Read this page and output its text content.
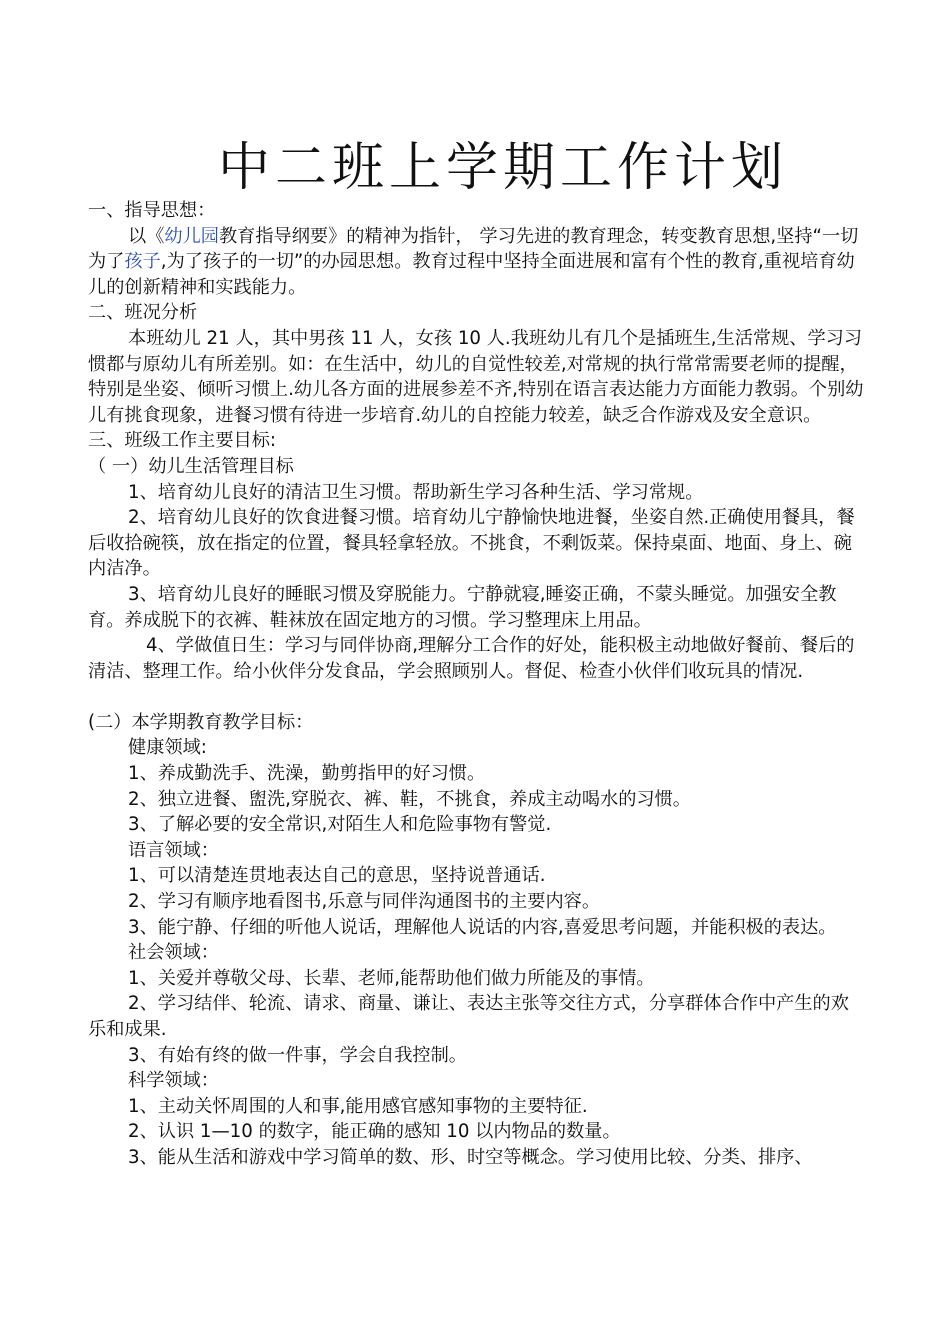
中二班上学期工作计划

一、指导思想：

以《幼儿园教育指导纲要》的精神为指针， 学习先进的教育理念，转变教育思想,坚持“一切为了孩子,为了孩子的一切”的办园思想。教育过程中坚持全面进展和富有个性的教育,重视培育幼儿的创新精神和实践能力。

二、班况分析

本班幼儿 21 人，其中男孩 11 人，女孩 10 人.我班幼儿有几个是插班生,生活常规、学习习惯都与原幼儿有所差别。如：在生活中，幼儿的自觉性较差,对常规的执行常常需要老师的提醒，特别是坐姿、倾听习惯上.幼儿各方面的进展参差不齐,特别在语言表达能力方面能力教弱。个别幼儿有挑食现象，进餐习惯有待进一步培育.幼儿的自控能力较差，缺乏合作游戏及安全意识。

三、班级工作主要目标:

（ 一）幼儿生活管理目标

1、培育幼儿良好的清洁卫生习惯。帮助新生学习各种生活、学习常规。

2、培育幼儿良好的饮食进餐习惯。培育幼儿宁静愉快地进餐，坐姿自然.正确使用餐具，餐后收拾碗筷，放在指定的位置，餐具轻拿轻放。不挑食，不剩饭菜。保持桌面、地面、身上、碗内洁净。

3、培育幼儿良好的睡眠习惯及穿脱能力。宁静就寝,睡姿正确，不蒙头睡觉。加强安全教育。养成脱下的衣裤、鞋袜放在固定地方的习惯。学习整理床上用品。

4、学做值日生：学习与同伴协商,理解分工合作的好处，能积极主动地做好餐前、餐后的清洁、整理工作。给小伙伴分发食品，学会照顾别人。督促、检查小伙伴们收玩具的情况.

(二）本学期教育教学目标：

健康领域:

1、养成勤洗手、洗澡，勤剪指甲的好习惯。

2、独立进餐、盥洗,穿脱衣、裤、鞋，不挑食，养成主动喝水的习惯。

3、了解必要的安全常识,对陌生人和危险事物有警觉.

语言领域：

1、可以清楚连贯地表达自己的意思，坚持说普通话.

2、学习有顺序地看图书,乐意与同伴沟通图书的主要内容。

3、能宁静、仔细的听他人说话，理解他人说话的内容,喜爱思考问题，并能积极的表达。

社会领域：

1、关爱并尊敬父母、长辈、老师,能帮助他们做力所能及的事情。

2、学习结伴、轮流、请求、商量、谦让、表达主张等交往方式，分享群体合作中产生的欢乐和成果.

3、有始有终的做一件事，学会自我控制。

科学领域：

1、主动关怀周围的人和事,能用感官感知事物的主要特征.

2、认识 1—10 的数字，能正确的感知 10 以内物品的数量。

3、能从生活和游戏中学习简单的数、形、时空等概念。学习使用比较、分类、排序、
